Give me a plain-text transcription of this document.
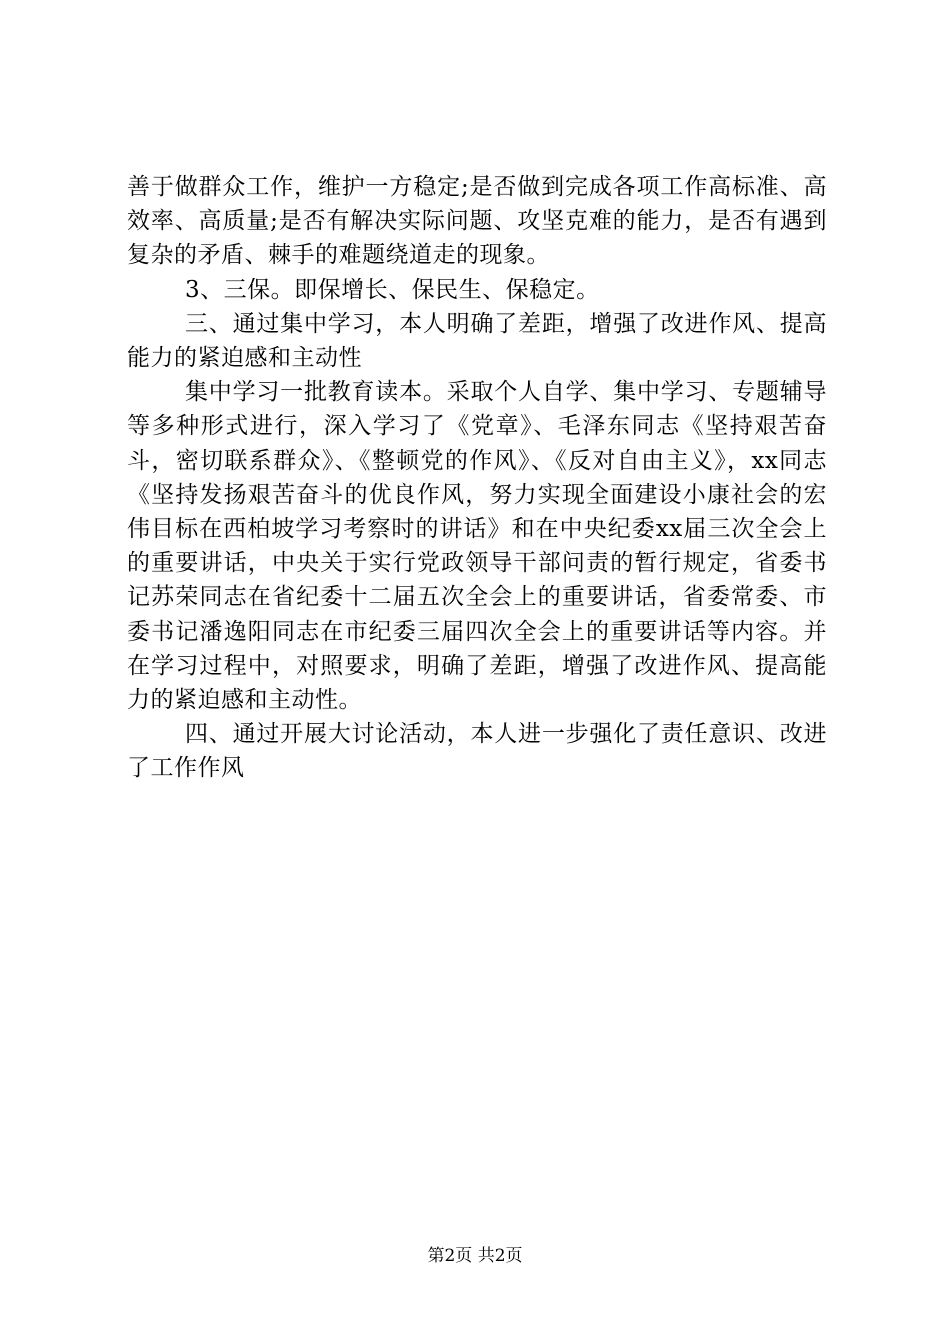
善于做群众工作，维护一方稳定;是否做到完成各项工作高标准、高效率、高质量;是否有解决实际问题、攻坚克难的能力，是否有遇到复杂的矛盾、棘手的难题绕道走的现象。

3、三保。即保增长、保民生、保稳定。

三、通过集中学习，本人明确了差距，增强了改进作风、提高能力的紧迫感和主动性

集中学习一批教育读本。采取个人自学、集中学习、专题辅导等多种形式进行，深入学习了《党章》、毛泽东同志《坚持艰苦奋斗，密切联系群众》、《整顿党的作风》、《反对自由主义》，xx同志《坚持发扬艰苦奋斗的优良作风，努力实现全面建设小康社会的宏伟目标在西柏坡学习考察时的讲话》和在中央纪委xx届三次全会上的重要讲话，中央关于实行党政领导干部问责的暂行规定，省委书记苏荣同志在省纪委十二届五次全会上的重要讲话，省委常委、市委书记潘逸阳同志在市纪委三届四次全会上的重要讲话等内容。并在学习过程中，对照要求，明确了差距，增强了改进作风、提高能力的紧迫感和主动性。

四、通过开展大讨论活动，本人进一步强化了责任意识、改进了工作作风

第2页 共2页
